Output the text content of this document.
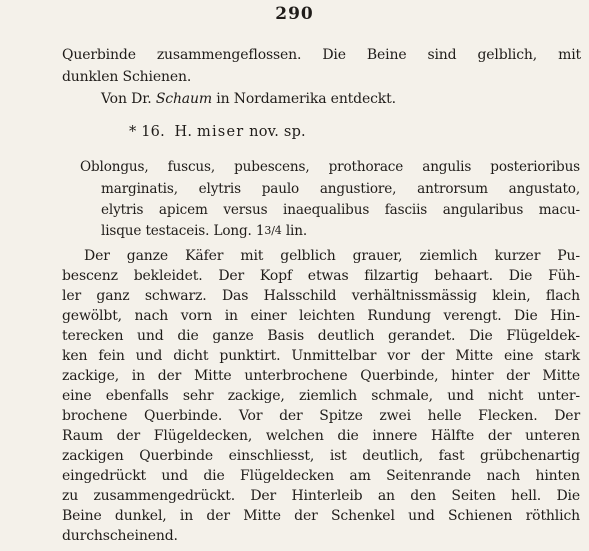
290
Querbinde zusammengeflossen. Die Beine sind gelblich, mit
dunklen Schienen.
Von Dr. Schaum in Nordamerika entdeckt.
* 16. H. miser nov. sp.
Oblongus, fuscus, pubescens, prothorace angulis posterioribus
marginatis, elytris paulo angustiore, antrorsum angustato,
elytris apicem versus inaequalibus fasciis angularibus macu-
lisque testaceis. Long. 13/4 lin.
Der ganze Käfer mit gelblich grauer, ziemlich kurzer Pu-
bescenz bekleidet. Der Kopf etwas filzartig behaart. Die Füh-
ler ganz schwarz. Das Halsschild verhältnissmässig klein, flach
gewölbt, nach vorn in einer leichten Rundung verengt. Die Hin-
terecken und die ganze Basis deutlich gerandet. Die Flügeldek-
ken fein und dicht punktirt. Unmittelbar vor der Mitte eine stark
zackige, in der Mitte unterbrochene Querbinde, hinter der Mitte
eine ebenfalls sehr zackige, ziemlich schmale, und nicht unter-
brochene Querbinde. Vor der Spitze zwei helle Flecken. Der
Raum der Flügeldecken, welchen die innere Hälfte der unteren
zackigen Querbinde einschliesst, ist deutlich, fast grübchenartig
eingedrückt und die Flügeldecken am Seitenrande nach hinten
zu zusammengedrückt. Der Hinterleib an den Seiten hell. Die
Beine dunkel, in der Mitte der Schenkel und Schienen röthlich
durchscheinend.
